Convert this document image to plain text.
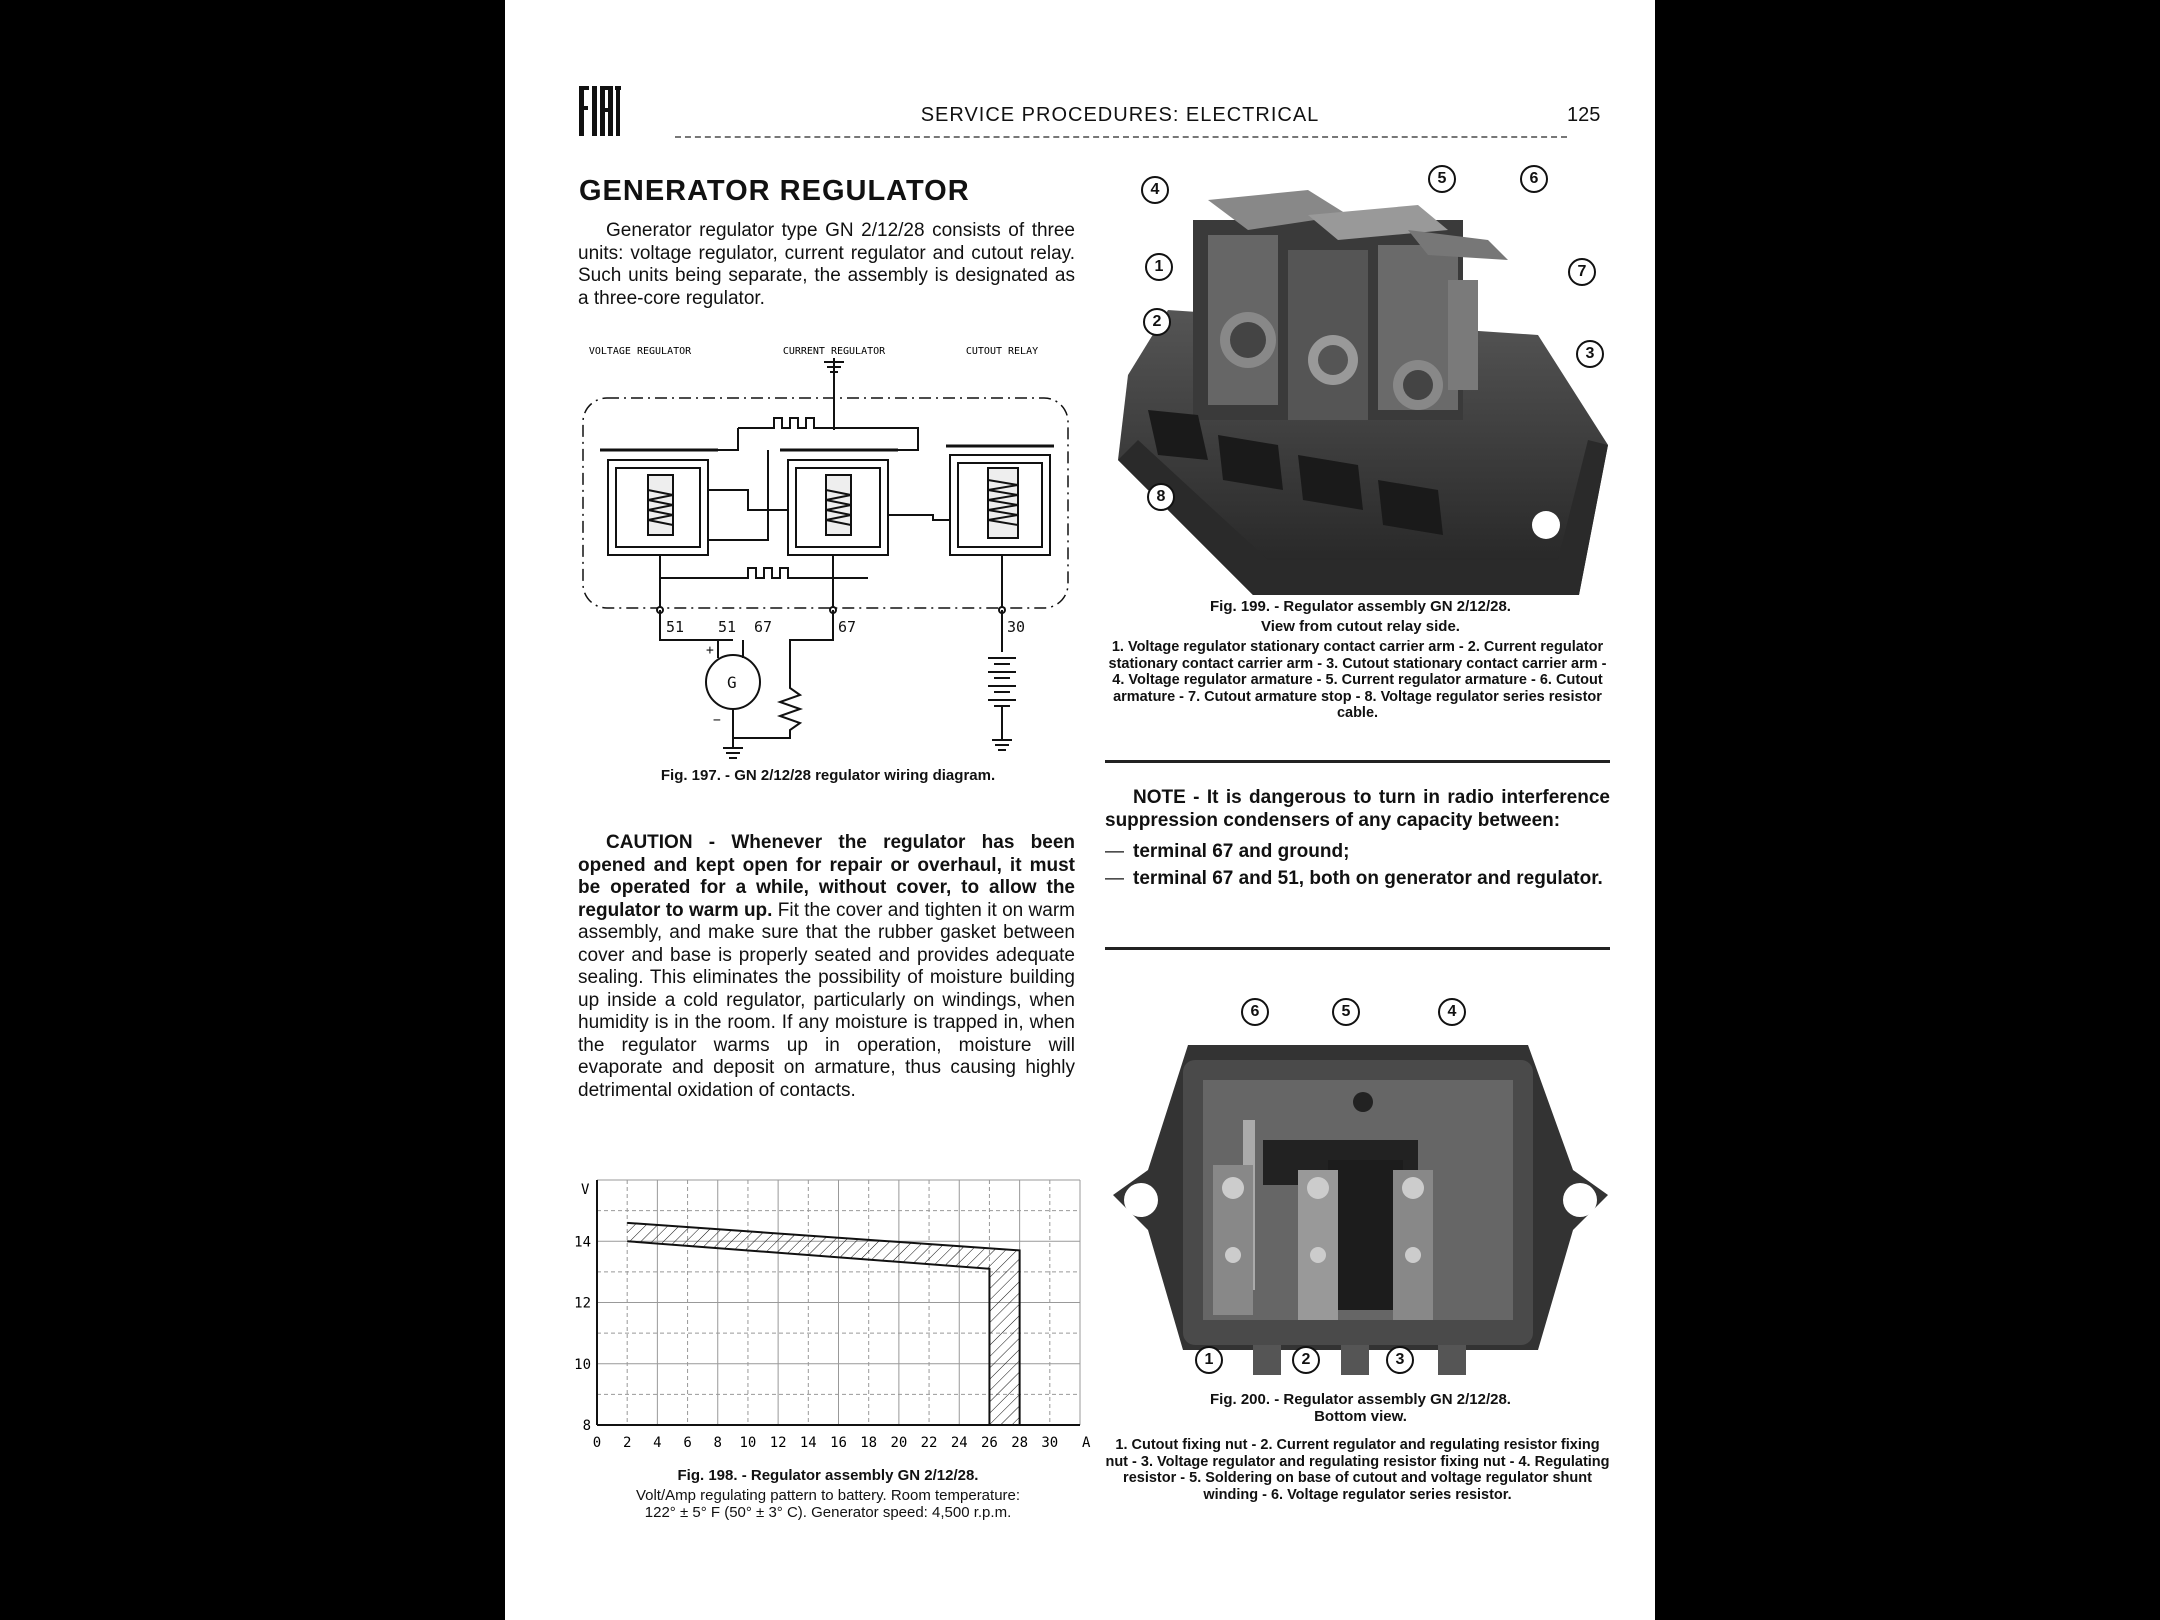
SERVICE PROCEDURES: ELECTRICAL	125
GENERATOR REGULATOR
Generator regulator type GN 2/12/28 consists of three units: voltage regulator, current regulator and cutout relay. Such units being separate, the assembly is designated as a three-core regulator.
VOLTAGE REGULATOR	CURRENT REGULATOR	CUTOUT RELAY
51 51 67	67	30
G
+
−
Fig. 197. - GN 2/12/28 regulator wiring diagram.
CAUTION - Whenever the regulator has been opened and kept open for repair or overhaul, it must be operated for a while, without cover, to allow the regulator to warm up. Fit the cover and tighten it on warm assembly, and make sure that the rubber gasket between cover and base is properly seated and provides adequate sealing. This eliminates the possibility of moisture building up inside a cold regulator, particularly on windings, when humidity is in the room. If any moisture is trapped in, when the regulator warms up in operation, moisture will evaporate and deposit on armature, thus causing highly detrimental oxidation of contacts.
0 2 4 6 8 10 12 14 16 18 20 22 24 26 28 30
8
10
12
14
V
A
Fig. 198. - Regulator assembly GN 2/12/28.
Volt/Amp regulating pattern to battery. Room temperature:
122° ± 5° F (50° ± 3° C). Generator speed: 4,500 r.p.m.
4
5	6
1	7
2
3
8
Fig. 199. - Regulator assembly GN 2/12/28.
View from cutout relay side.
1. Voltage regulator stationary contact carrier arm - 2. Current regulator stationary contact carrier arm - 3. Cutout stationary contact carrier arm - 4. Voltage regulator armature - 5. Current regulator armature - 6. Cutout armature - 7. Cutout armature stop - 8. Voltage regulator series resistor cable.

NOTE - It is dangerous to turn in radio interference suppression condensers of any capacity between:

— terminal 67 and ground;
— terminal 67 and 51, both on generator and regulator.
6	5	4
1	2	3
Fig. 200. - Regulator assembly GN 2/12/28.
Bottom view.
1. Cutout fixing nut - 2. Current regulator and regulating resistor fixing nut - 3. Voltage regulator and regulating resistor fixing nut - 4. Regulating resistor - 5. Soldering on base of cutout and voltage regulator shunt winding - 6. Voltage regulator series resistor.
